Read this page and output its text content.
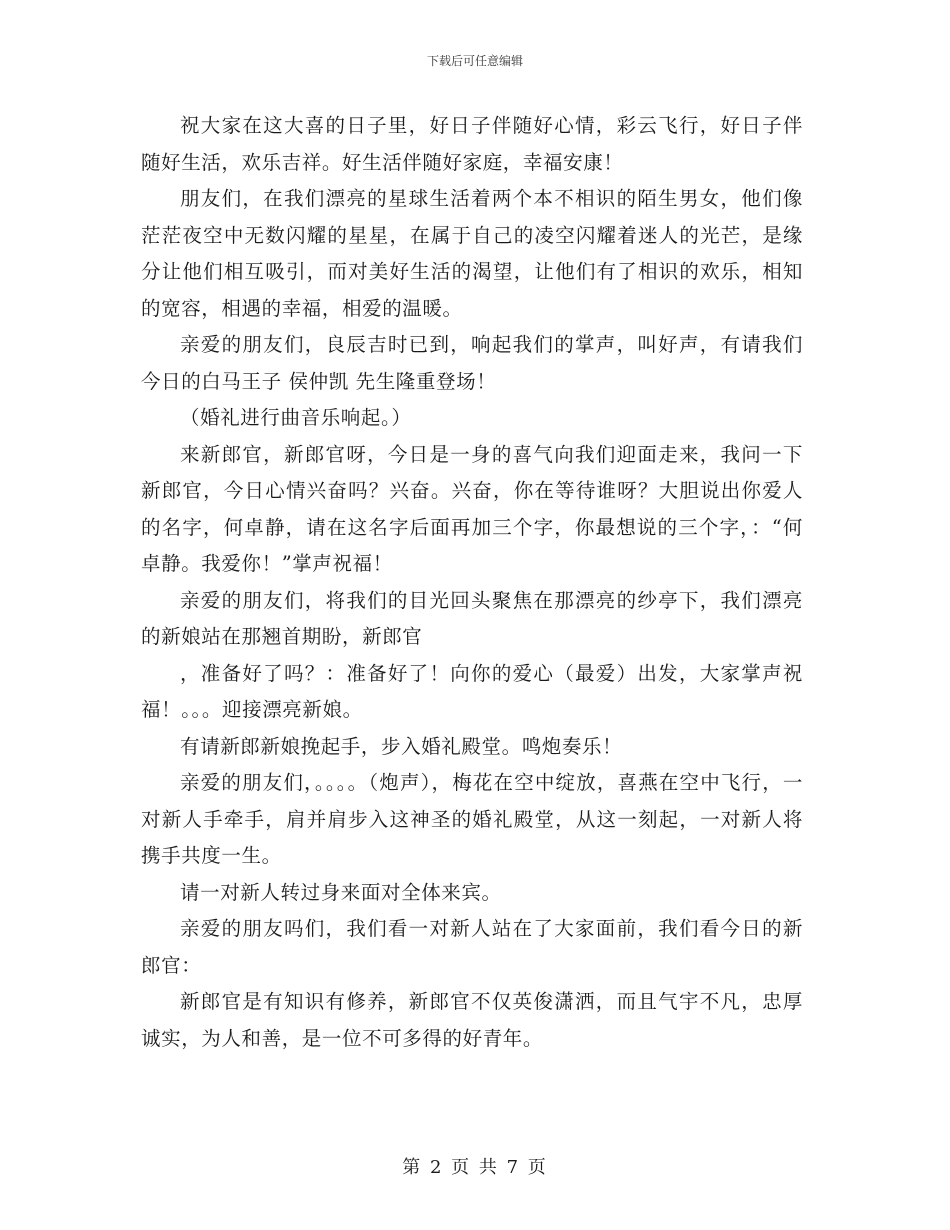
下载后可任意编辑

祝大家在这大喜的日子里，好日子伴随好心情，彩云飞行，好日子伴随好生活，欢乐吉祥。好生活伴随好家庭，幸福安康！

朋友们，在我们漂亮的星球生活着两个本不相识的陌生男女，他们像茫茫夜空中无数闪耀的星星，在属于自己的凌空闪耀着迷人的光芒，是缘分让他们相互吸引，而对美好生活的渴望，让他们有了相识的欢乐，相知的宽容，相遇的幸福，相爱的温暖。

亲爱的朋友们，良辰吉时已到，响起我们的掌声，叫好声，有请我们今日的白马王子 侯仲凯 先生隆重登场！

（婚礼进行曲音乐响起。）

来新郎官，新郎官呀，今日是一身的喜气向我们迎面走来，我问一下新郎官，今日心情兴奋吗？兴奋。兴奋，你在等待谁呀？大胆说出你爱人的名字，何卓静，请在这名字后面再加三个字，你最想说的三个字，：“何卓静。我爱你！”掌声祝福！

亲爱的朋友们，将我们的目光回头聚焦在那漂亮的纱亭下，我们漂亮的新娘站在那翘首期盼，新郎官

，准备好了吗？：准备好了！向你的爱心（最爱）出发，大家掌声祝福！。。。迎接漂亮新娘。

有请新郎新娘挽起手，步入婚礼殿堂。鸣炮奏乐！

亲爱的朋友们，。。。。（炮声），梅花在空中绽放，喜燕在空中飞行，一对新人手牵手，肩并肩步入这神圣的婚礼殿堂，从这一刻起，一对新人将携手共度一生。

请一对新人转过身来面对全体来宾。

亲爱的朋友吗们，我们看一对新人站在了大家面前，我们看今日的新郎官：

新郎官是有知识有修养，新郎官不仅英俊潇洒，而且气宇不凡，忠厚诚实，为人和善，是一位不可多得的好青年。

第 2 页 共 7 页
